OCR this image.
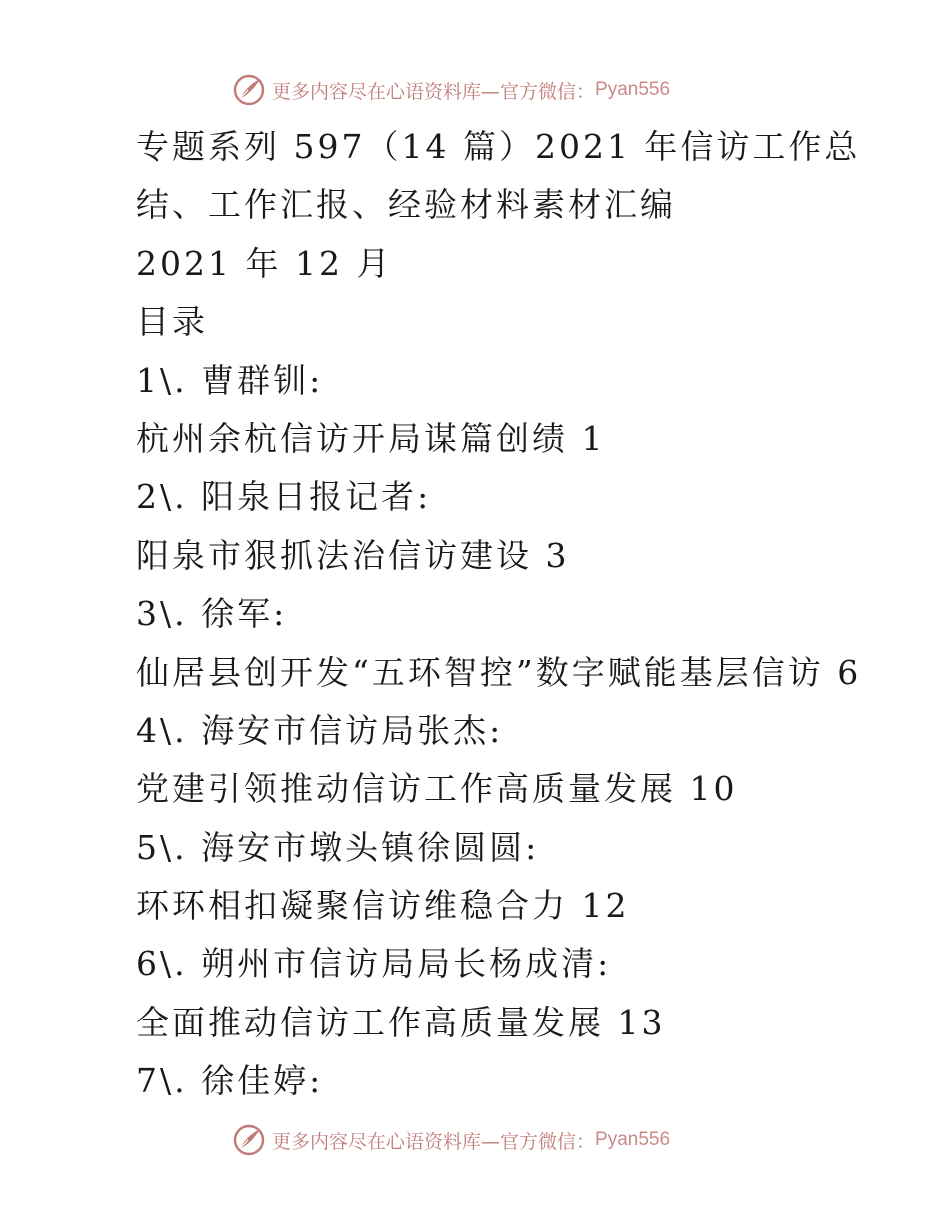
更多内容尽在心语资料库—官方微信： Pyan556
专题系列 597（14 篇）2021 年信访工作总
结、工作汇报、经验材料素材汇编
2021 年 12 月
目录
1\. 曹群钏:
杭州余杭信访开局谋篇创绩 1
2\. 阳泉日报记者:
阳泉市狠抓法治信访建设 3
3\. 徐军:
仙居县创开发“五环智控”数字赋能基层信访 6
4\. 海安市信访局张杰:
党建引领推动信访工作高质量发展 10
5\. 海安市墩头镇徐圆圆:
环环相扣凝聚信访维稳合力 12
6\. 朔州市信访局局长杨成清:
全面推动信访工作高质量发展 13
7\. 徐佳婷:
更多内容尽在心语资料库—官方微信： Pyan556
